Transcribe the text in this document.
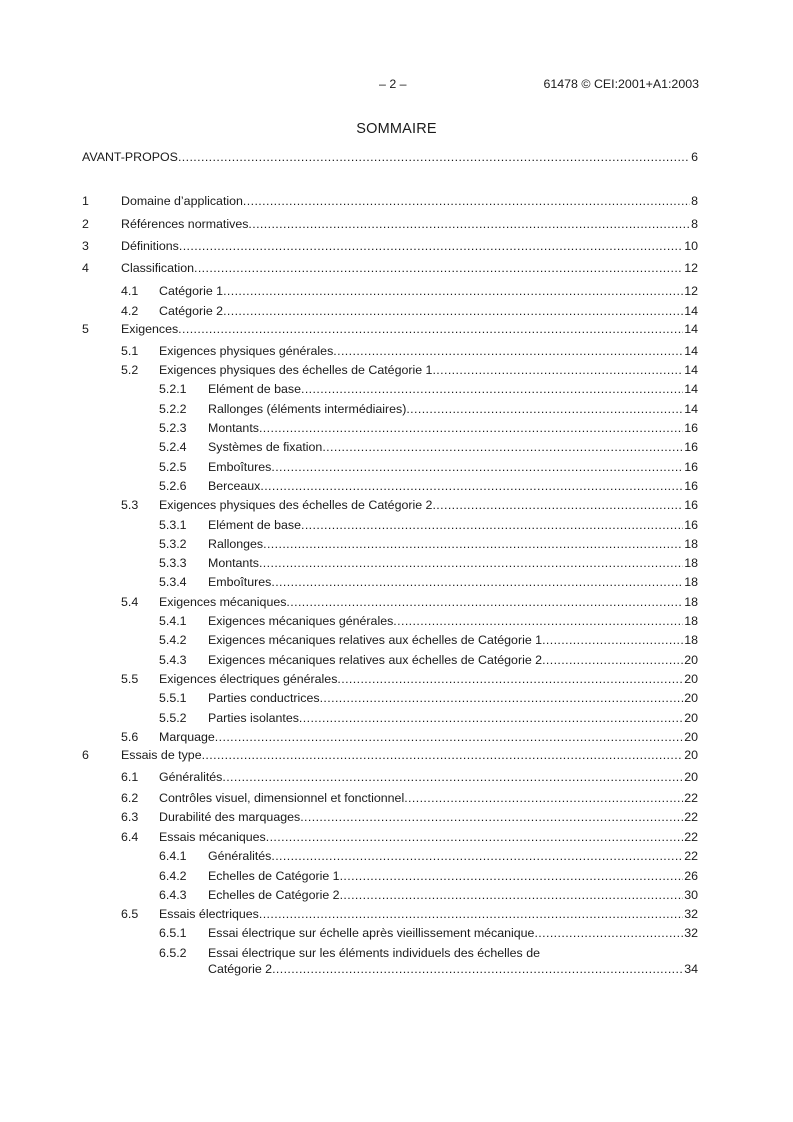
– 2 –	61478 © CEI:2001+A1:2003
SOMMAIRE
AVANT-PROPOS .....	6
1	Domaine d’application .....	8
2	Références normatives .....	8
3	Définitions .....	10
4	Classification .....	12
4.1 Catégorie 1 .....	12
4.2 Catégorie 2 .....	14
5	Exigences .....	14
5.1 Exigences physiques générales .....	14
5.2 Exigences physiques des échelles de Catégorie 1 .....	14
5.2.1 Elément de base .....	14
5.2.2 Rallonges (éléments intermédiaires) .....	14
5.2.3 Montants .....	16
5.2.4 Systèmes de fixation .....	16
5.2.5 Emboîtures .....	16
5.2.6 Berceaux .....	16
5.3 Exigences physiques des échelles de Catégorie 2 .....	16
5.3.1 Elément de base .....	16
5.3.2 Rallonges .....	18
5.3.3 Montants .....	18
5.3.4 Emboîtures .....	18
5.4 Exigences mécaniques .....	18
5.4.1 Exigences mécaniques générales .....	18
5.4.2 Exigences mécaniques relatives aux échelles de Catégorie 1 .....	18
5.4.3 Exigences mécaniques relatives aux échelles de Catégorie 2 .....	20
5.5 Exigences électriques générales .....	20
5.5.1 Parties conductrices .....	20
5.5.2 Parties isolantes .....	20
5.6 Marquage .....	20
6	Essais de type .....	20
6.1 Généralités .....	20
6.2 Contrôles visuel, dimensionnel et fonctionnel .....	22
6.3 Durabilité des marquages .....	22
6.4 Essais mécaniques .....	22
6.4.1 Généralités .....	22
6.4.2 Echelles de Catégorie 1 .....	26
6.4.3 Echelles de Catégorie 2 .....	30
6.5 Essais électriques .....	32
6.5.1 Essai électrique sur échelle après vieillissement mécanique .....	32
6.5.2 Essai électrique sur les éléments individuels des échelles de
Catégorie 2 .....	34
